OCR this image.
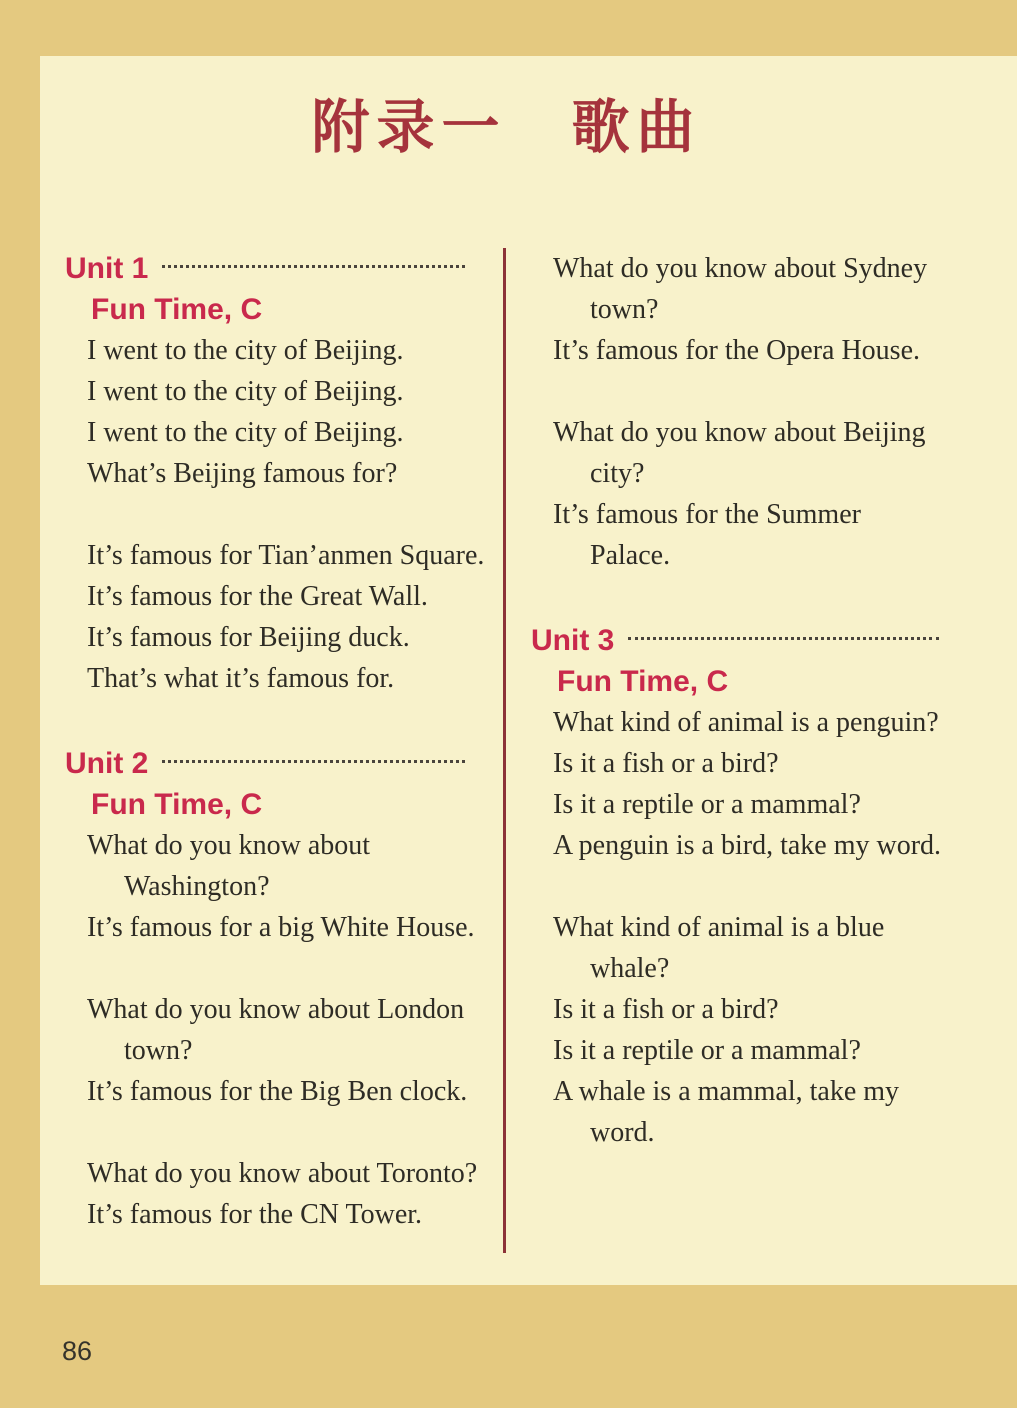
附录一　歌曲
Unit 1
Fun Time, C
I went to the city of Beijing.
I went to the city of Beijing.
I went to the city of Beijing.
What’s Beijing famous for?
It’s famous for Tian’anmen Square.
It’s famous for the Great Wall.
It’s famous for Beijing duck.
That’s what it’s famous for.
Unit 2
Fun Time, C
What do you know about
Washington?
It’s famous for a big White House.
What do you know about London
town?
It’s famous for the Big Ben clock.
What do you know about Toronto?
It’s famous for the CN Tower.
What do you know about Sydney
town?
It’s famous for the Opera House.
What do you know about Beijing
city?
It’s famous for the Summer
Palace.
Unit 3
Fun Time, C
What kind of animal is a penguin?
Is it a fish or a bird?
Is it a reptile or a mammal?
A penguin is a bird, take my word.
What kind of animal is a blue
whale?
Is it a fish or a bird?
Is it a reptile or a mammal?
A whale is a mammal, take my
word.
86
